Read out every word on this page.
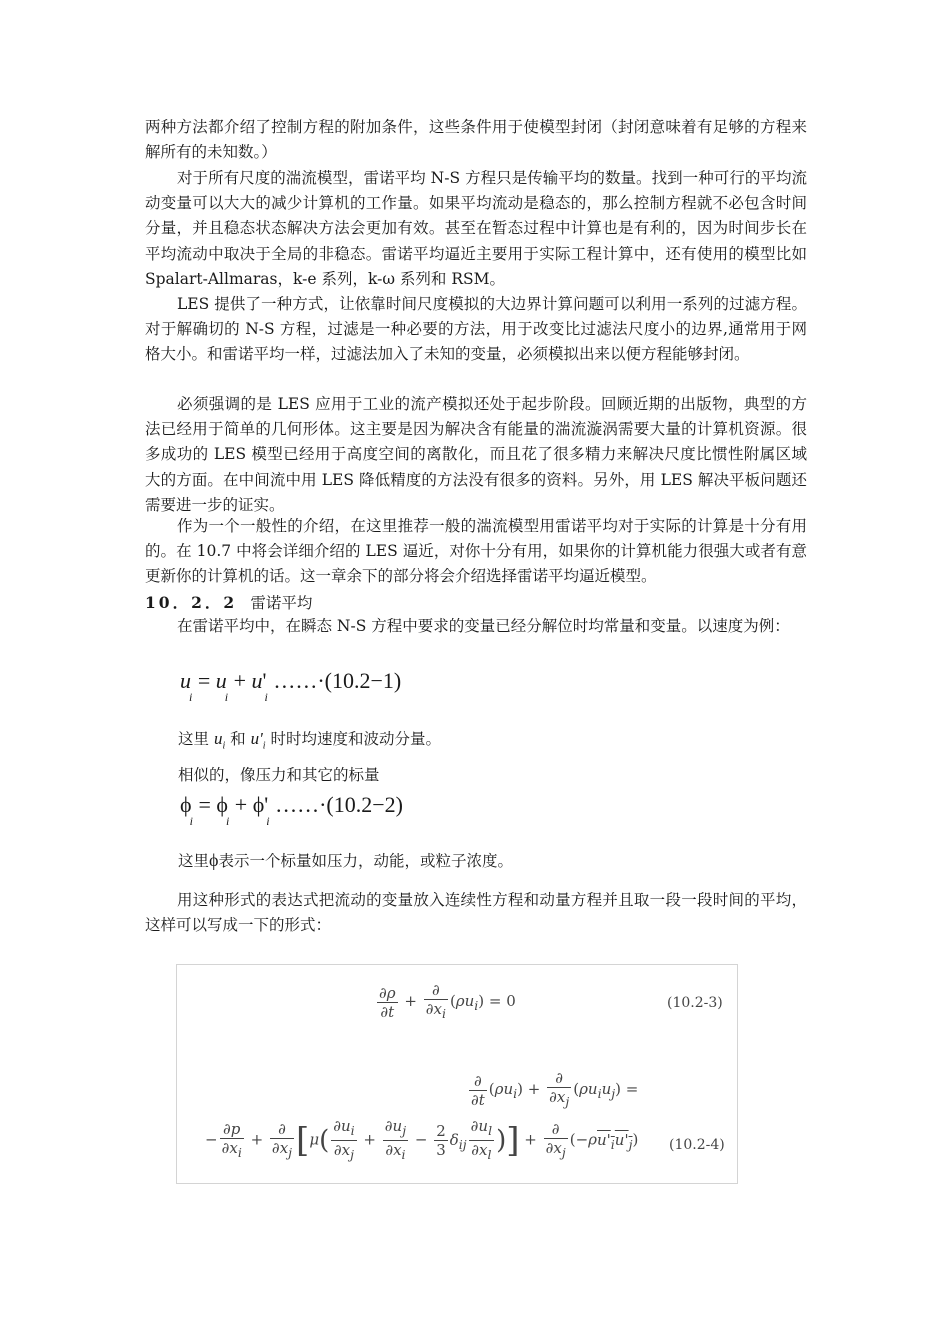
两种方法都介绍了控制方程的附加条件，这些条件用于使模型封闭（封闭意味着有足够的方程来解所有的未知数。）

对于所有尺度的湍流模型，雷诺平均 N-S 方程只是传输平均的数量。找到一种可行的平均流动变量可以大大的减少计算机的工作量。如果平均流动是稳态的，那么控制方程就不必包含时间分量，并且稳态状态解决方法会更加有效。甚至在暂态过程中计算也是有利的，因为时间步长在平均流动中取决于全局的非稳态。雷诺平均逼近主要用于实际工程计算中，还有使用的模型比如 Spalart-Allmaras，k-e 系列，k-ω 系列和 RSM。

LES 提供了一种方式，让依靠时间尺度模拟的大边界计算问题可以利用一系列的过滤方程。对于解确切的 N-S 方程，过滤是一种必要的方法，用于改变比过滤法尺度小的边界,通常用于网格大小。和雷诺平均一样，过滤法加入了未知的变量，必须模拟出来以便方程能够封闭。

必须强调的是 LES 应用于工业的流产模拟还处于起步阶段。回顾近期的出版物，典型的方法已经用于简单的几何形体。这主要是因为解决含有能量的湍流漩涡需要大量的计算机资源。很多成功的 LES 模型已经用于高度空间的离散化，而且花了很多精力来解决尺度比惯性附属区域大的方面。在中间流中用 LES 降低精度的方法没有很多的资料。另外，用 LES 解决平板问题还需要进一步的证实。

作为一个一般性的介绍，在这里推荐一般的湍流模型用雷诺平均对于实际的计算是十分有用的。在 10.7 中将会详细介绍的 LES 逼近，对你十分有用，如果你的计算机能力很强大或者有意更新你的计算机的话。这一章余下的部分将会介绍选择雷诺平均逼近模型。

10．2．2 雷诺平均

在雷诺平均中，在瞬态 N-S 方程中要求的变量已经分解位时均常量和变量。以速度为例：

$u_i = u_i + u'_i$ ……·(10.2−1)
这里 $u_i$ 和 $u'_i$ 时时均速度和波动分量。
相似的，像压力和其它的标量
$\phi_i = \phi_i + \phi'_i$ ……·(10.2−2)
这里ϕ表示一个标量如压力，动能，或粒子浓度。

用这种形式的表达式把流动的变量放入连续性方程和动量方程并且取一段一段时间的平均，这样可以写成一下的形式：

$\frac{\partial\rho}{\partial t} + \frac{\partial}{\partial x_i} (\rho u_i) = 0$	(10.2-3)
$\frac{\partial}{\partial t} (\rho u_i) + \frac{\partial}{\partial x_j} (\rho u_iu_j)$ =
− $\frac{\partial p}{\partial x_i} + \frac{\partial}{\partial x_j} [\mu( \frac{\partial u_i}{\partial x_j} + \frac{\partial u_j}{\partial x_i} - \frac{2}{3} \delta_{ij} \frac{\partial u_l}{\partial x_l}$ )] + $\frac{\partial}{\partial x_j} (-\rho u'_iu'_j)$ (10.2-4)
